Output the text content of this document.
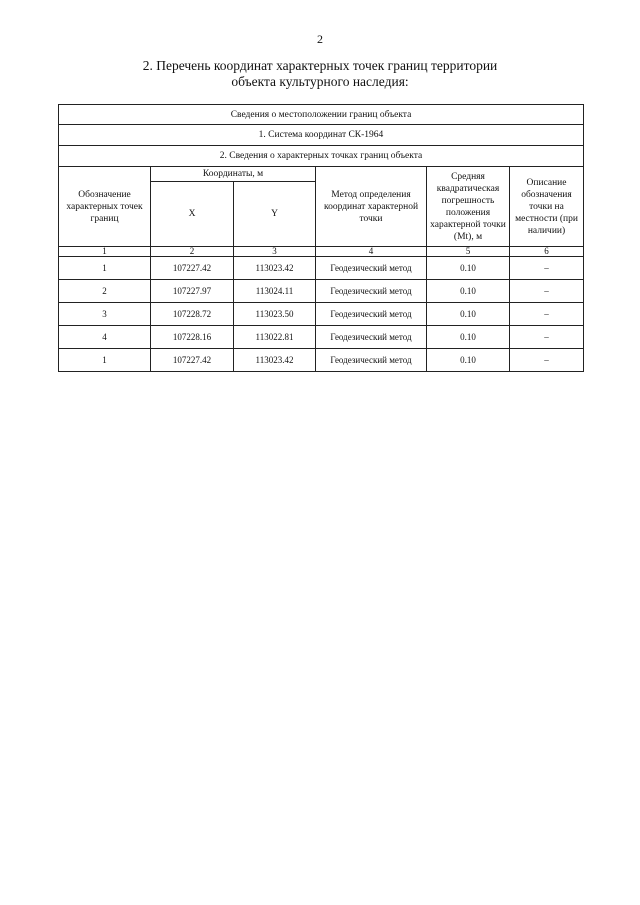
2
2. Перечень координат характерных точек границ территории
объекта культурного наследия:
Сведения о местоположении границ объекта					
1. Система координат СК-1964					
2. Сведения о характерных точках границ объекта					
Обозначение характерных точек границ	Координаты, м		Метод определения координат характерной точки	Средняя квадратическая погрешность положения характерной точки (Mt), м	Описание обозначения точки на местности (при наличии)
	X	Y			
1	2	3	4	5	6
1	107227.42	113023.42	Геодезический метод	0.10	–
2	107227.97	113024.11	Геодезический метод	0.10	–
3	107228.72	113023.50	Геодезический метод	0.10	–
4	107228.16	113022.81	Геодезический метод	0.10	–
1	107227.42	113023.42	Геодезический метод	0.10	–
